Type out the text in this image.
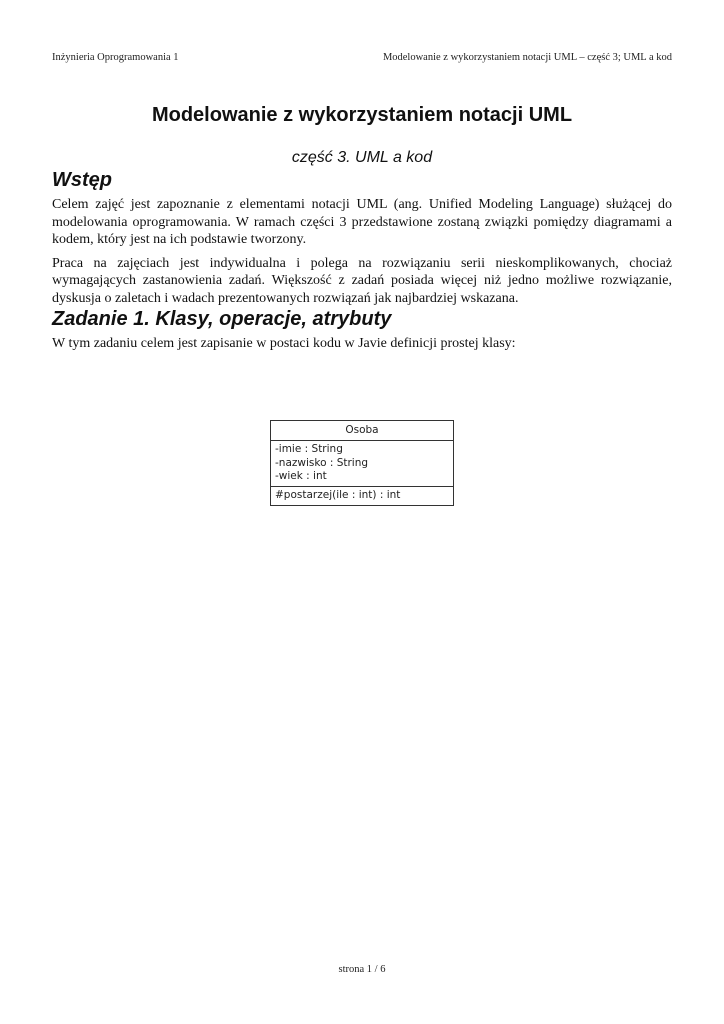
Inżynieria Oprogramowania 1	Modelowanie z wykorzystaniem notacji UML – część 3; UML a kod
Modelowanie z wykorzystaniem notacji UML
część 3. UML a kod
Wstęp

Celem zajęć jest zapoznanie z elementami notacji UML (ang. Unified Modeling Language) służącej do modelowania oprogramowania. W ramach części 3 przedstawione zostaną związki pomiędzy diagramami a kodem, który jest na ich podstawie tworzony.

Praca na zajęciach jest indywidualna i polega na rozwiązaniu serii nieskomplikowanych, chociaż wymagających zastanowienia zadań. Większość z zadań posiada więcej niż jedno możliwe rozwiązanie, dyskusja o zaletach i wadach prezentowanych rozwiązań jak najbardziej wskazana.

Zadanie 1. Klasy, operacje, atrybuty

W tym zadaniu celem jest zapisanie w postaci kodu w Javie definicji prostej klasy:

Osoba
-imie : String
-nazwisko : String
-wiek : int
#postarzej(ile : int) : int
strona 1 / 6
